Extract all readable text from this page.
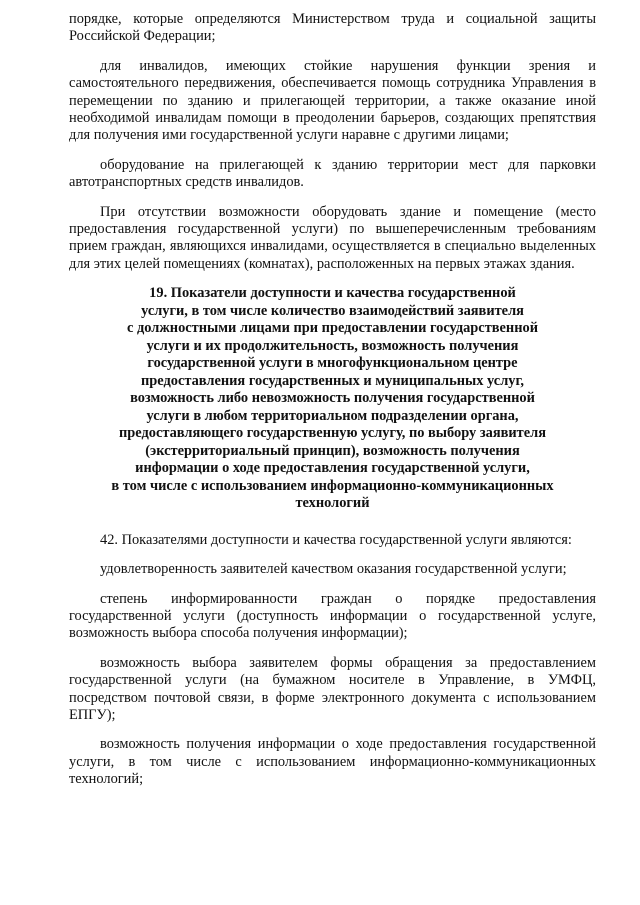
порядке, которые определяются Министерством труда и социальной защиты Российской Федерации;

для инвалидов, имеющих стойкие нарушения функции зрения и самостоятельного передвижения, обеспечивается помощь сотрудника Управления в перемещении по зданию и прилегающей территории, а также оказание иной необходимой инвалидам помощи в преодолении барьеров, создающих препятствия для получения ими государственной услуги наравне с другими лицами;

оборудование на прилегающей к зданию территории мест для парковки автотранспортных средств инвалидов.

При отсутствии возможности оборудовать здание и помещение (место предоставления государственной услуги) по вышеперечисленным требованиям прием граждан, являющихся инвалидами, осуществляется в специально выделенных для этих целей помещениях (комнатах), расположенных на первых этажах здания.

19. Показатели доступности и качества государственной
услуги, в том числе количество взаимодействий заявителя
с должностными лицами при предоставлении государственной
услуги и их продолжительность, возможность получения
государственной услуги в многофункциональном центре
предоставления государственных и муниципальных услуг,
возможность либо невозможность получения государственной
услуги в любом территориальном подразделении органа,
предоставляющего государственную услугу, по выбору заявителя
(экстерриториальный принцип), возможность получения
информации о ходе предоставления государственной услуги,
в том числе с использованием информационно-коммуникационных
технологий

42. Показателями доступности и качества государственной услуги являются:

удовлетворенность заявителей качеством оказания государственной услуги;

степень информированности граждан о порядке предоставления государственной услуги (доступность информации о государственной услуге, возможность выбора способа получения информации);

возможность выбора заявителем формы обращения за предоставлением государственной услуги (на бумажном носителе в Управление, в УМФЦ, посредством почтовой связи, в форме электронного документа с использованием ЕПГУ);

возможность получения информации о ходе предоставления государственной услуги, в том числе с использованием информационно-коммуникационных технологий;
